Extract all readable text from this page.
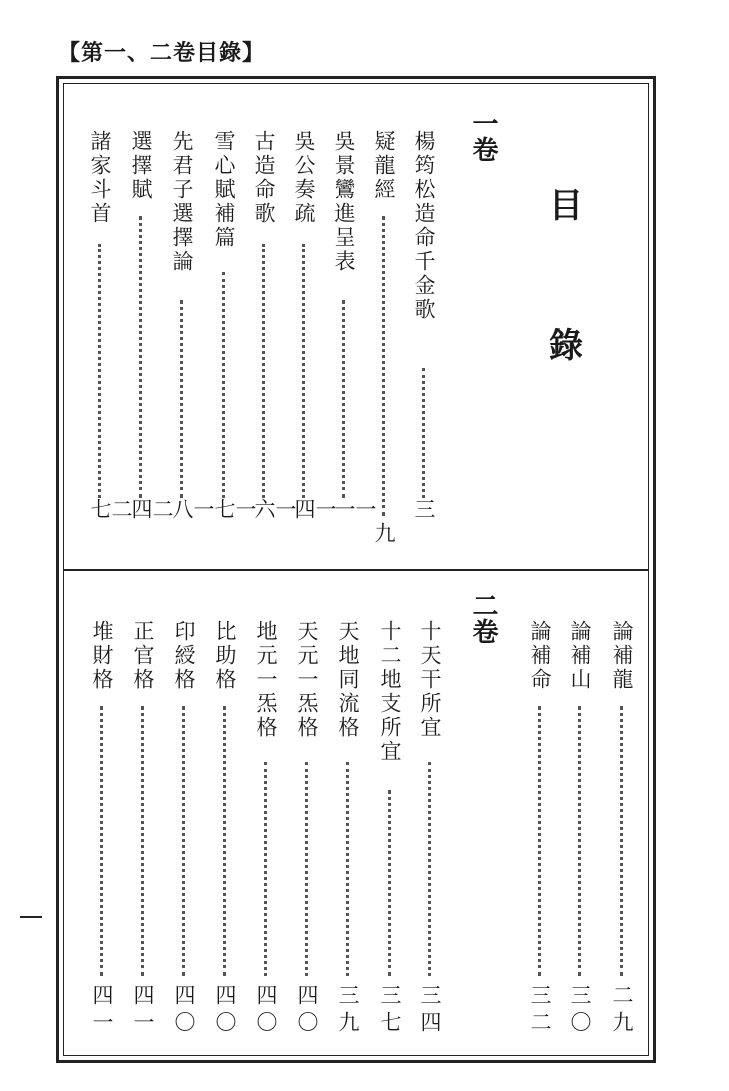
【第一、二卷目錄】
目
錄
一卷
二卷
楊筠松造命千金歌
三
疑龍經
九
吳景鸞進呈表
一一
吳公奏疏
一四
古造命歌
一六
雪心賦補篇
一七
先君子選擇論
一八
選擇賦
二四
諸家斗首
二七
論補龍
二九
論補山
三〇
論補命
三二
十天干所宜
三四
十二地支所宜
三七
天地同流格
三九
天元一炁格
四〇
地元一炁格
四〇
比助格
四〇
印綬格
四〇
正官格
四一
堆財格
四一
